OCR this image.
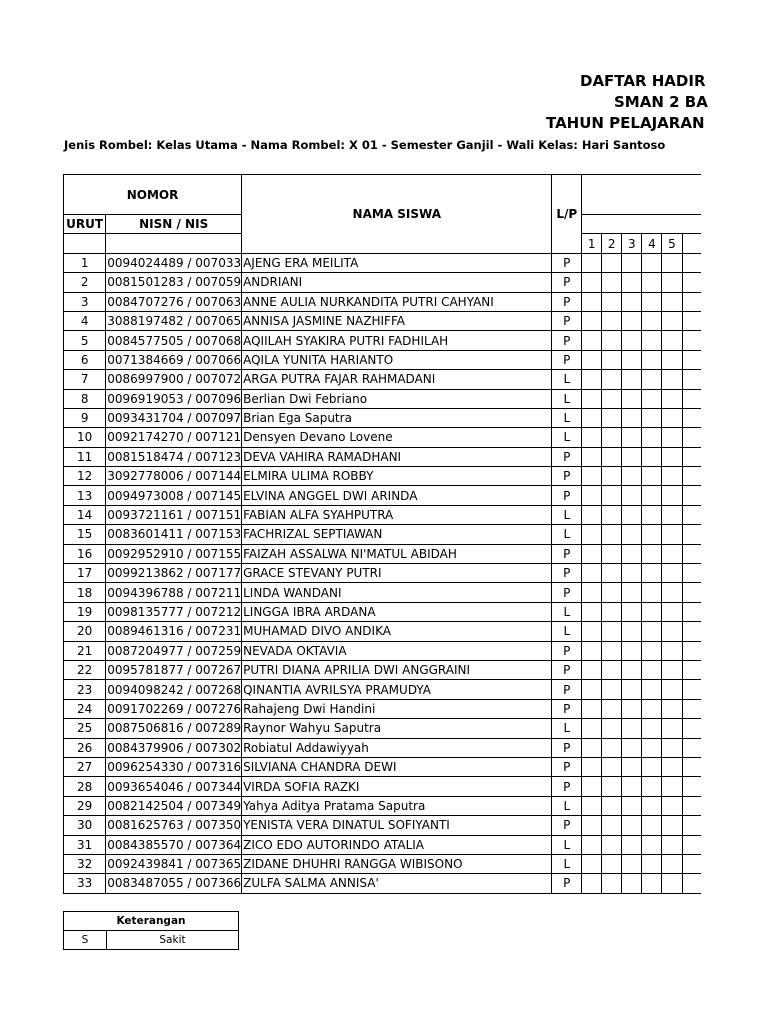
DAFTAR HADIR
SMAN 2 BA
TAHUN PELAJARAN
Jenis Rombel: Kelas Utama - Nama Rombel: X 01 - Semester Ganjil - Wali Kelas: Hari Santoso
NOMOR		NAMA SISWA	L/P						
URUT	NISN / NIS								
				1	2	3	4	5	
1	0094024489 / 007033	AJENG ERA MEILITA	P						
2	0081501283 / 007059	ANDRIANI	P						
3	0084707276 / 007063	ANNE AULIA NURKANDITA PUTRI CAHYANI	P						
4	3088197482 / 007065	ANNISA JASMINE NAZHIFFA	P						
5	0084577505 / 007068	AQIILAH SYAKIRA PUTRI FADHILAH	P						
6	0071384669 / 007066	AQILA YUNITA HARIANTO	P						
7	0086997900 / 007072	ARGA PUTRA FAJAR RAHMADANI	L						
8	0096919053 / 007096	Berlian Dwi Febriano	L						
9	0093431704 / 007097	Brian Ega Saputra	L						
10	0092174270 / 007121	Densyen Devano Lovene	L						
11	0081518474 / 007123	DEVA VAHIRA RAMADHANI	P						
12	3092778006 / 007144	ELMIRA ULIMA ROBBY	P						
13	0094973008 / 007145	ELVINA ANGGEL DWI ARINDA	P						
14	0093721161 / 007151	FABIAN ALFA SYAHPUTRA	L						
15	0083601411 / 007153	FACHRIZAL SEPTIAWAN	L						
16	0092952910 / 007155	FAIZAH ASSALWA NI'MATUL ABIDAH	P						
17	0099213862 / 007177	GRACE STEVANY PUTRI	P						
18	0094396788 / 007211	LINDA WANDANI	P						
19	0098135777 / 007212	LINGGA IBRA ARDANA	L						
20	0089461316 / 007231	MUHAMAD DIVO ANDIKA	L						
21	0087204977 / 007259	NEVADA OKTAVIA	P						
22	0095781877 / 007267	PUTRI DIANA APRILIA DWI ANGGRAINI	P						
23	0094098242 / 007268	QINANTIA AVRILSYA PRAMUDYA	P						
24	0091702269 / 007276	Rahajeng Dwi Handini	P						
25	0087506816 / 007289	Raynor Wahyu Saputra	L						
26	0084379906 / 007302	Robiatul Addawiyyah	P						
27	0096254330 / 007316	SILVIANA CHANDRA DEWI	P						
28	0093654046 / 007344	VIRDA SOFIA RAZKI	P						
29	0082142504 / 007349	Yahya Aditya Pratama Saputra	L						
30	0081625763 / 007350	YENISTA VERA DINATUL SOFIYANTI	P						
31	0084385570 / 007364	ZICO EDO AUTORINDO ATALIA	L						
32	0092439841 / 007365	ZIDANE DHUHRI RANGGA WIBISONO	L						
33	0083487055 / 007366	ZULFA SALMA ANNISA'	P						
Keterangan
S	Sakit
